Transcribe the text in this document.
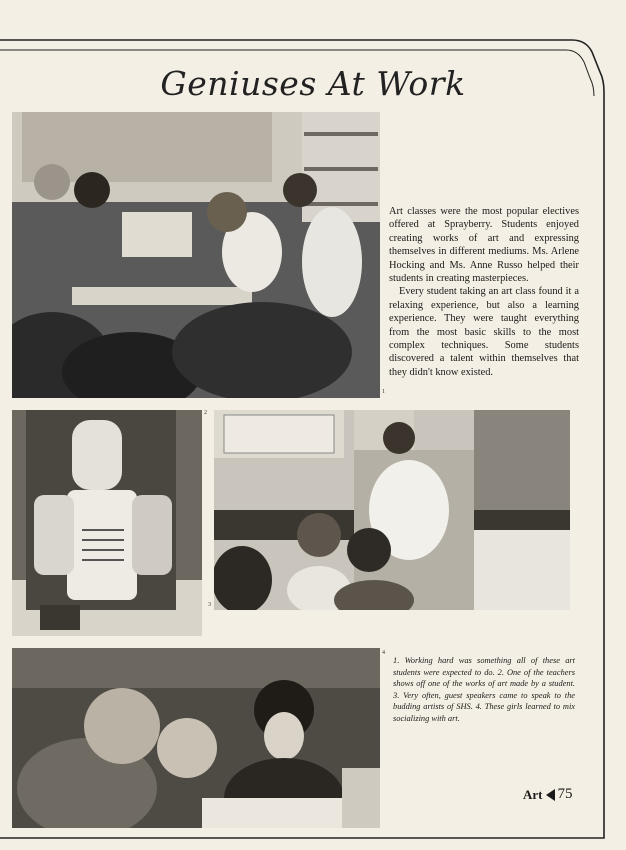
Geniuses At Work
1

Art classes were the most popular electives offered at Sprayberry. Students enjoyed creating works of art and expressing themselves in different mediums. Ms. Arlene Hocking and Ms. Anne Russo helped their students in creating masterpieces.

Every student taking an art class found it a relaxing experience, but also a learning experience. They were taught everything from the most basic skills to the most complex techniques. Some students discovered a talent within themselves that they didn't know existed.

2
3
4
1. Working hard was something all of these art students were expected to do. 2. One of the teachers shows off one of the works of art made by a student. 3. Very often, guest speakers came to speak to the budding artists of SHS. 4. These girls learned to mix socializing with art.
Art 75
